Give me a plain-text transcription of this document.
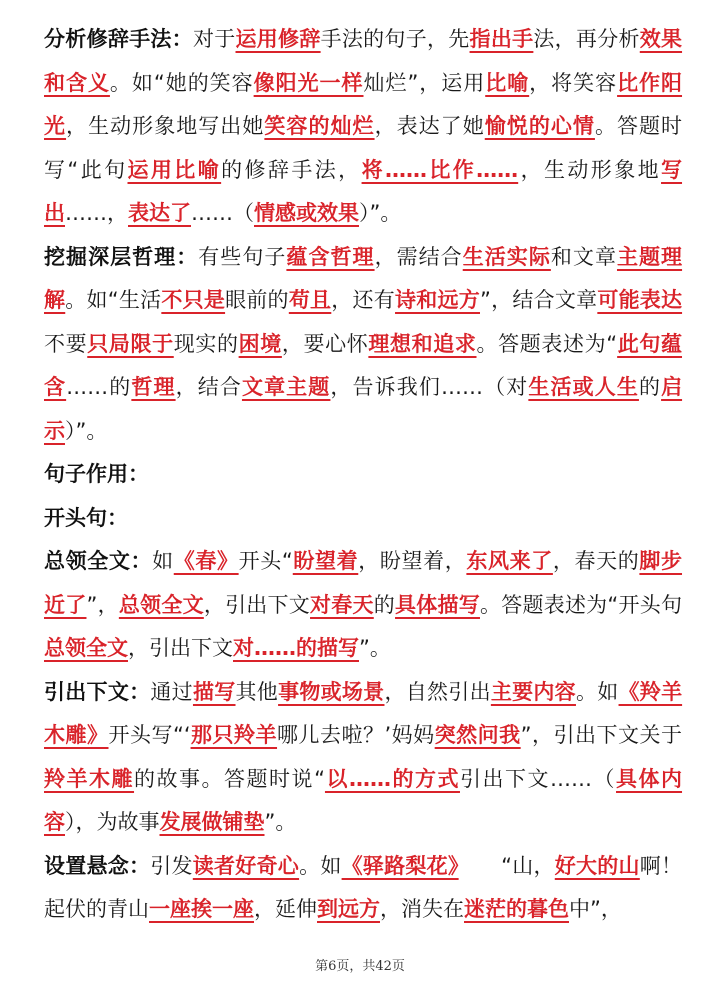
分析修辞手法：对于运用修辞手法的句子，先指出手法，再分析效果和含义。如“她的笑容像阳光一样灿烂”，运用比喻，将笑容比作阳光，生动形象地写出她笑容的灿烂，表达了她愉悦的心情。答题时写“此句运用比喻的修辞手法，将……比作……，生动形象地写出……，表达了……（情感或效果）”。

挖掘深层哲理：有些句子蕴含哲理，需结合生活实际和文章主题理解。如“生活不只是眼前的苟且，还有诗和远方”，结合文章可能表达不要只局限于现实的困境，要心怀理想和追求。答题表述为“此句蕴含……的哲理，结合文章主题，告诉我们……（对生活或人生的启示）”。

句子作用：

开头句：

总领全文：如《春》开头“盼望着，盼望着，东风来了，春天的脚步近了”，总领全文，引出下文对春天的具体描写。答题表述为“开头句总领全文，引出下文对……的描写”。

引出下文：通过描写其他事物或场景，自然引出主要内容。如《羚羊木雕》开头写“‘那只羚羊哪儿去啦？’妈妈突然问我”，引出下文关于羚羊木雕的故事。答题时说“以……的方式引出下文……（具体内容），为故事发展做铺垫”。

设置悬念：引发读者好奇心。如《驿路梨花》　　“山，好大的山啊！起伏的青山一座挨一座，延伸到远方，消失在迷茫的暮色中”，

第6页，共42页
